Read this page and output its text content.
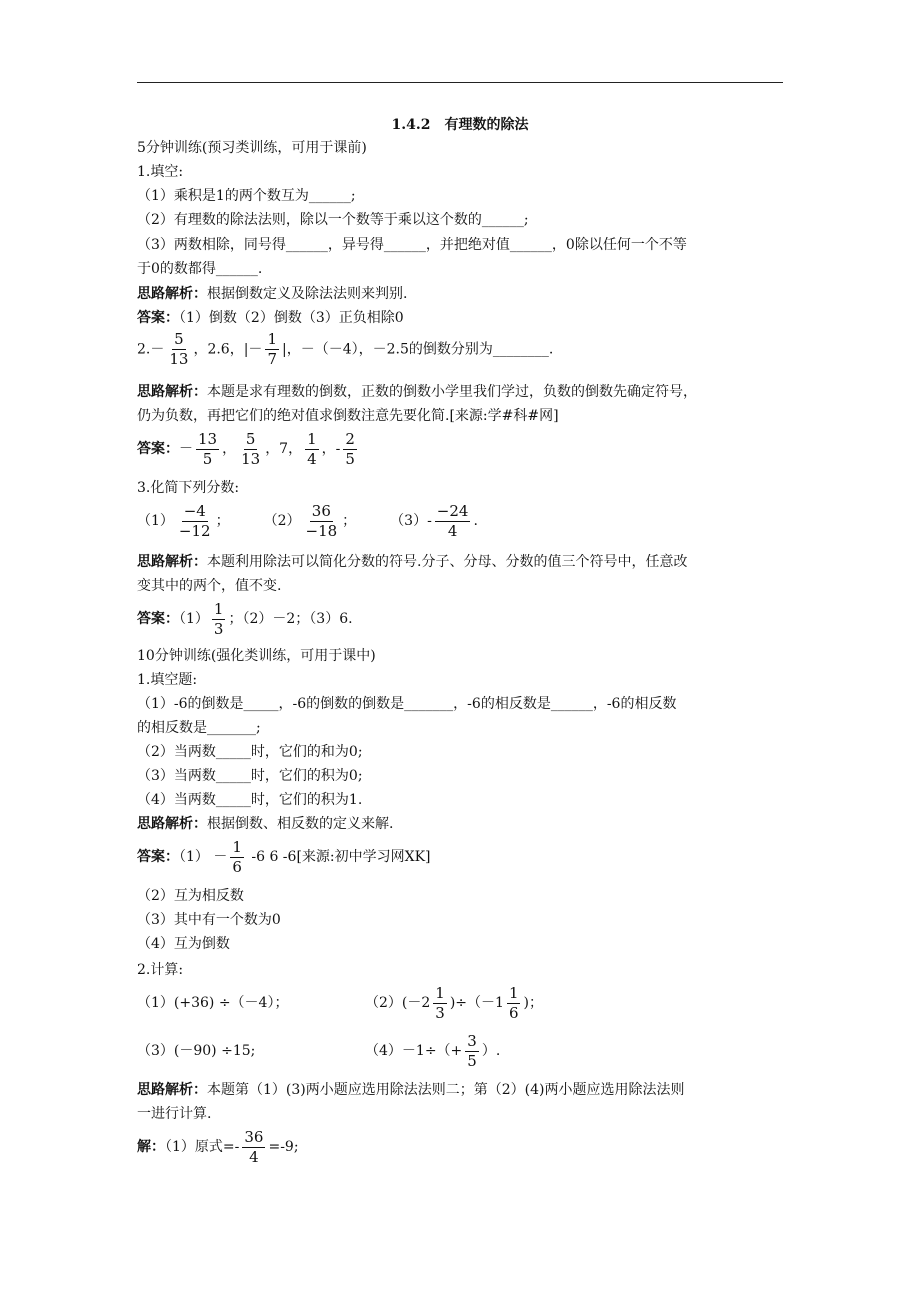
1.4.2　有理数的除法
5分钟训练(预习类训练，可用于课前)
1.填空:
（1）乘积是1的两个数互为______;
（2）有理数的除法法则，除以一个数等于乘以这个数的______;
（3）两数相除，同号得______，异号得______，并把绝对值______，0除以任何一个不等
于0的数都得______.
思路解析：根据倒数定义及除法法则来判别.
答案：（1）倒数（2）倒数（3）正负相除0
$2.- \frac{5}{13}$ ，2.6，|－ $\frac{1}{7}$ |，－（－4），－2.5的倒数分别为________.
思路解析：本题是求有理数的倒数，正数的倒数小学里我们学过，负数的倒数先确定符号，
仍为负数，再把它们的绝对值求倒数注意先要化简.[来源:学#科#网]
答案：－ $\frac{13}{5}$ ， $\frac{5}{13}$ ，7， $\frac{1}{4}$ ，- $\frac{2}{5}$
3.化简下列分数:
$(1) \frac{-4}{-12}$ ； $(2) \frac{36}{-18}$ ； $(3)- \frac{-24}{4}$ .
思路解析：本题利用除法可以简化分数的符号.分子、分母、分数的值三个符号中，任意改
变其中的两个，值不变.
答案：$(1) \frac{1}{3}$ ；（2）－2；（3）6.
10分钟训练(强化类训练，可用于课中)
1.填空题:
（1）-6的倒数是_____，-6的倒数的倒数是_______，-6的相反数是______，-6的相反数
的相反数是_______;
（2）当两数_____时，它们的和为0;
（3）当两数_____时，它们的积为0;
（4）当两数_____时，它们的积为1.
思路解析：根据倒数、相反数的定义来解.
答案：$(1) - \frac{1}{6} -6$ 6 -6[来源:初中学习网XK]
（2）互为相反数
（3）其中有一个数为0
（4）互为倒数
2.计算:
（1）(+36) ÷（－4）；	$(2)(-2 \frac{1}{3} )\div(-1 \frac{1}{6}$ )；
（3）(－90) ÷15;	$(4)-1\div(+ \frac{3}{5}$ ）.
思路解析：本题第（1）(3)两小题应选用除法法则二；第（2）(4)两小题应选用除法法则
一进行计算.
解：（1）原式=- $\frac{36}{4} =-9$;
